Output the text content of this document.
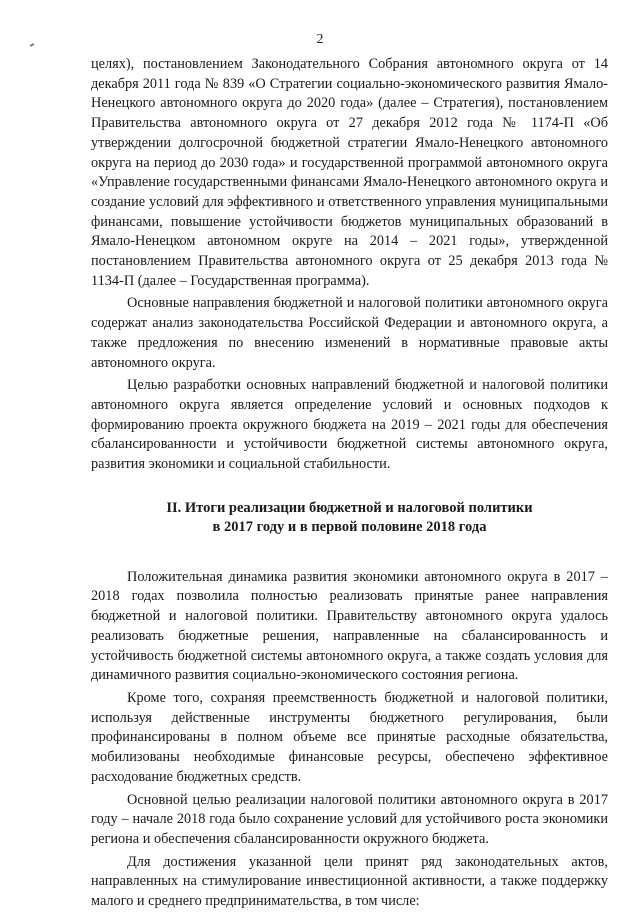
2

целях), постановлением Законодательного Собрания автономного округа от 14 декабря 2011 года № 839 «О Стратегии социально-экономического развития Ямало-Ненецкого автономного округа до 2020 года» (далее – Стратегия), постановлением Правительства автономного округа от 27 декабря 2012 года № 1174-П «Об утверждении долгосрочной бюджетной стратегии Ямало-Ненецкого автономного округа на период до 2030 года» и государственной программой автономного округа «Управление государственными финансами Ямало-Ненецкого автономного округа и создание условий для эффективного и ответственного управления муниципальными финансами, повышение устойчивости бюджетов муниципальных образований в Ямало-Ненецком автономном округе на 2014 – 2021 годы», утвержденной постановлением Правительства автономного округа от 25 декабря 2013 года № 1134-П (далее – Государственная программа).

Основные направления бюджетной и налоговой политики автономного округа содержат анализ законодательства Российской Федерации и автономного округа, а также предложения по внесению изменений в нормативные правовые акты автономного округа.

Целью разработки основных направлений бюджетной и налоговой политики автономного округа является определение условий и основных подходов к формированию проекта окружного бюджета на 2019 – 2021 годы для обеспечения сбалансированности и устойчивости бюджетной системы автономного округа, развития экономики и социальной стабильности.

II. Итоги реализации бюджетной и налоговой политики
в 2017 году и в первой половине 2018 года

Положительная динамика развития экономики автономного округа в 2017 – 2018 годах позволила полностью реализовать принятые ранее направления бюджетной и налоговой политики. Правительству автономного округа удалось реализовать бюджетные решения, направленные на сбалансированность и устойчивость бюджетной системы автономного округа, а также создать условия для динамичного развития социально-экономического состояния региона.

Кроме того, сохраняя преемственность бюджетной и налоговой политики, используя действенные инструменты бюджетного регулирования, были профинансированы в полном объеме все принятые расходные обязательства, мобилизованы необходимые финансовые ресурсы, обеспечено эффективное расходование бюджетных средств.

Основной целью реализации налоговой политики автономного округа в 2017 году – начале 2018 года было сохранение условий для устойчивого роста экономики региона и обеспечения сбалансированности окружного бюджета.

Для достижения указанной цели принят ряд законодательных актов, направленных на стимулирование инвестиционной активности, а также поддержку малого и среднего предпринимательства, в том числе:
